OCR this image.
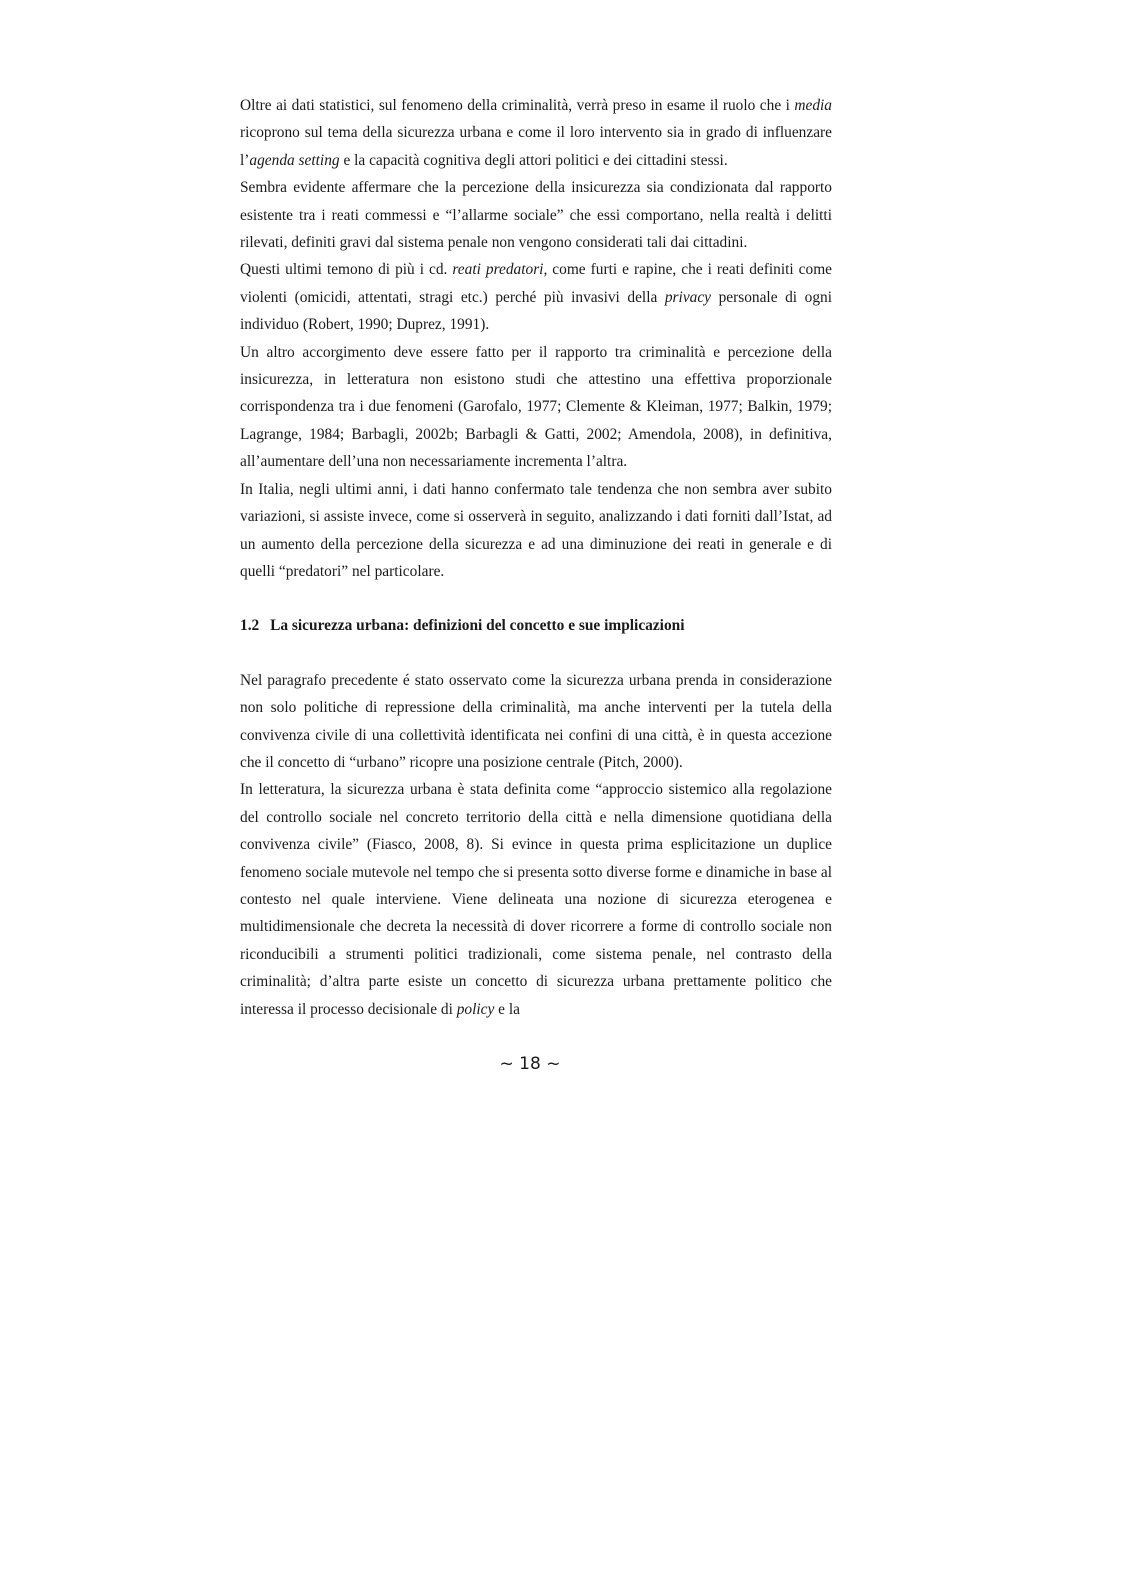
Oltre ai dati statistici, sul fenomeno della criminalità, verrà preso in esame il ruolo che i media ricoprono sul tema della sicurezza urbana e come il loro intervento sia in grado di influenzare l’agenda setting e la capacità cognitiva degli attori politici e dei cittadini stessi.

Sembra evidente affermare che la percezione della insicurezza sia condizionata dal rapporto esistente tra i reati commessi e “l’allarme sociale” che essi comportano, nella realtà i delitti rilevati, definiti gravi dal sistema penale non vengono considerati tali dai cittadini.

Questi ultimi temono di più i cd. reati predatori, come furti e rapine, che i reati definiti come violenti (omicidi, attentati, stragi etc.) perché più invasivi della privacy personale di ogni individuo (Robert, 1990; Duprez, 1991).

Un altro accorgimento deve essere fatto per il rapporto tra criminalità e percezione della insicurezza, in letteratura non esistono studi che attestino una effettiva proporzionale corrispondenza tra i due fenomeni (Garofalo, 1977; Clemente & Kleiman, 1977; Balkin, 1979; Lagrange, 1984; Barbagli, 2002b; Barbagli & Gatti, 2002; Amendola, 2008), in definitiva, all’aumentare dell’una non necessariamente incrementa l’altra.

In Italia, negli ultimi anni, i dati hanno confermato tale tendenza che non sembra aver subito variazioni, si assiste invece, come si osserverà in seguito, analizzando i dati forniti dall’Istat, ad un aumento della percezione della sicurezza e ad una diminuzione dei reati in generale e di quelli “predatori” nel particolare.

1.2 La sicurezza urbana: definizioni del concetto e sue implicazioni

Nel paragrafo precedente é stato osservato come la sicurezza urbana prenda in considerazione non solo politiche di repressione della criminalità, ma anche interventi per la tutela della convivenza civile di una collettività identificata nei confini di una città, è in questa accezione che il concetto di “urbano” ricopre una posizione centrale (Pitch, 2000).

In letteratura, la sicurezza urbana è stata definita come “approccio sistemico alla regolazione del controllo sociale nel concreto territorio della città e nella dimensione quotidiana della convivenza civile” (Fiasco, 2008, 8). Si evince in questa prima esplicitazione un duplice fenomeno sociale mutevole nel tempo che si presenta sotto diverse forme e dinamiche in base al contesto nel quale interviene. Viene delineata una nozione di sicurezza eterogenea e multidimensionale che decreta la necessità di dover ricorrere a forme di controllo sociale non riconducibili a strumenti politici tradizionali, come sistema penale, nel contrasto della criminalità; d’altra parte esiste un concetto di sicurezza urbana prettamente politico che interessa il processo decisionale di policy e la

~ 18 ~
